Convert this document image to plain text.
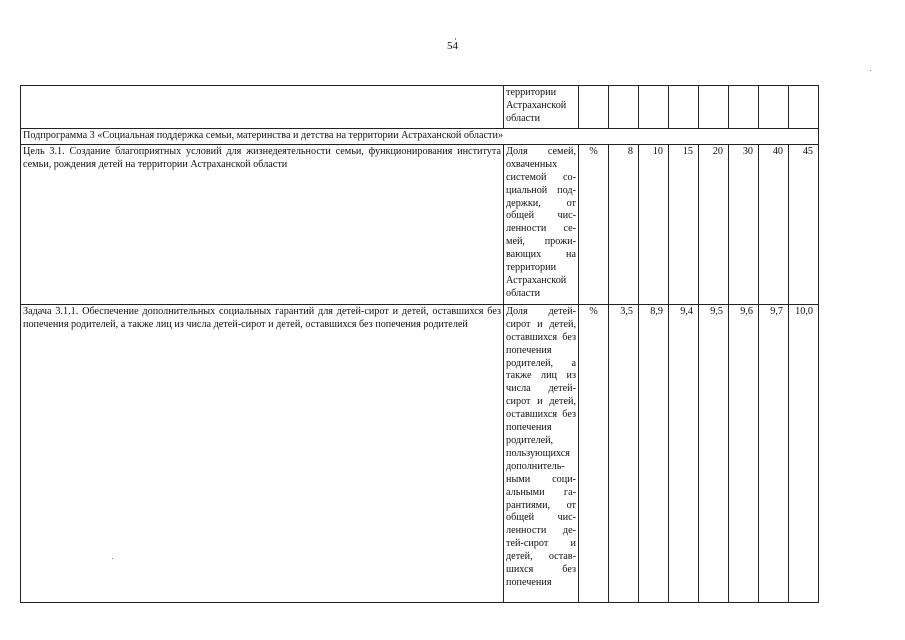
54
	территории Астраханской области								
Подпрограмма 3 «Социальная поддержка семьи, материнства и детства на территории Астраханской области»									
Цель 3.1. Создание благоприятных условий для жизнедеятельности семьи, функционирования института семьи, рождения детей на территории Астраханской области	Доля семей, охваченных системой со-циальной под-держки, от общей чис-ленности се-мей, прожи-вающих на территории Астраханской области	%	8	10	15	20	30	40	45
Задача 3.1.1. Обеспечение дополнительных социальных гарантий для детей-сирот и детей, оставшихся без попечения родителей, а также лиц из числа детей-сирот и детей, оставшихся без попечения родителей	Доля детей-сирот и детей, оставшихся без попечения родителей, а также лиц из числа детей-сирот и детей, оставшихся без попечения родителей, пользующихся дополнитель-ными соци-альными га-рантиями, от общей чис-ленности де-тей-сирот и детей, остав-шихся без попечения	%	3,5	8,9	9,4	9,5	9,6	9,7	10,0
